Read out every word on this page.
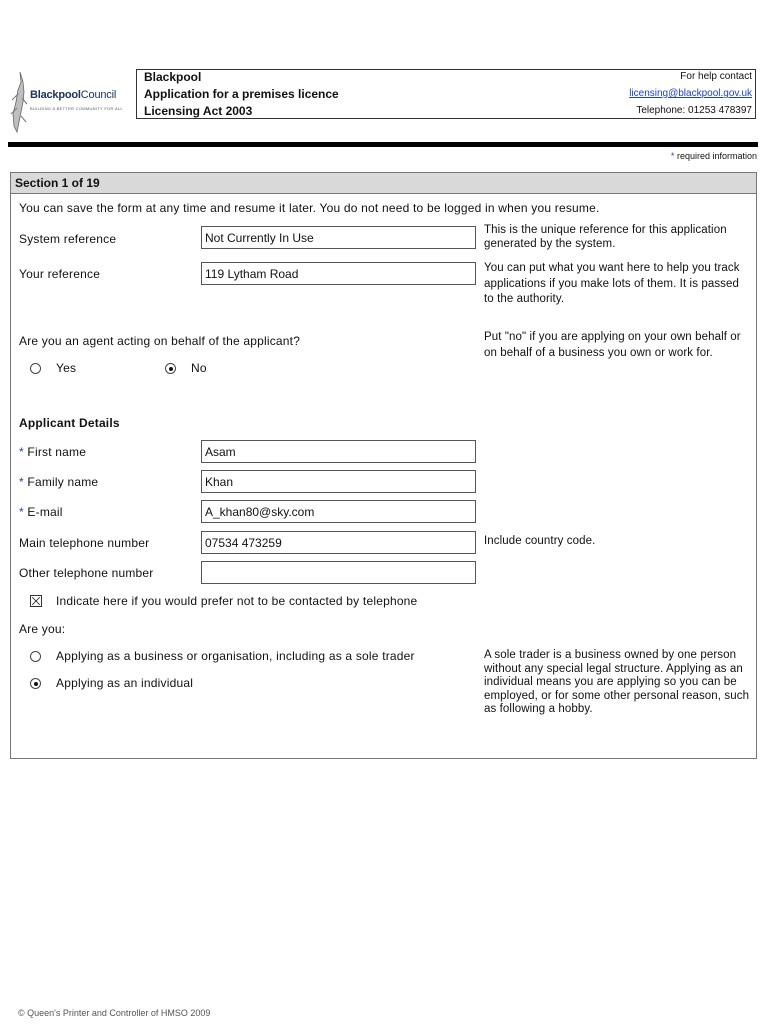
BlackpoolCouncil
BUILDING A BETTER COMMUNITY FOR ALL
Blackpool
Application for a premises licence
Licensing Act 2003
For help contact
licensing@blackpool.gov.uk
Telephone: 01253 478397
* required information
Section 1 of 19
You can save the form at any time and resume it later. You do not need to be logged in when you resume.
System reference	Not Currently In Use
This is the unique reference for this application generated by the system.
Your reference	119 Lytham Road	You can put what you want here to help you track applications if you make lots of them. It is passed to the authority.
Are you an agent acting on behalf of the applicant?	Put "no" if you are applying on your own behalf or on behalf of a business you own or work for.
Yes	No
Applicant Details
* First name	Asam
* Family name	Khan
* E-mail	A_khan80@sky.com
Main telephone number	07534 473259	Include country code.
Other telephone number
Indicate here if you would prefer not to be contacted by telephone
Are you:
Applying as a business or organisation, including as a sole trader
Applying as an individual
A sole trader is a business owned by one person without any special legal structure. Applying as an individual means you are applying so you can be employed, or for some other personal reason, such as following a hobby.
© Queen's Printer and Controller of HMSO 2009
